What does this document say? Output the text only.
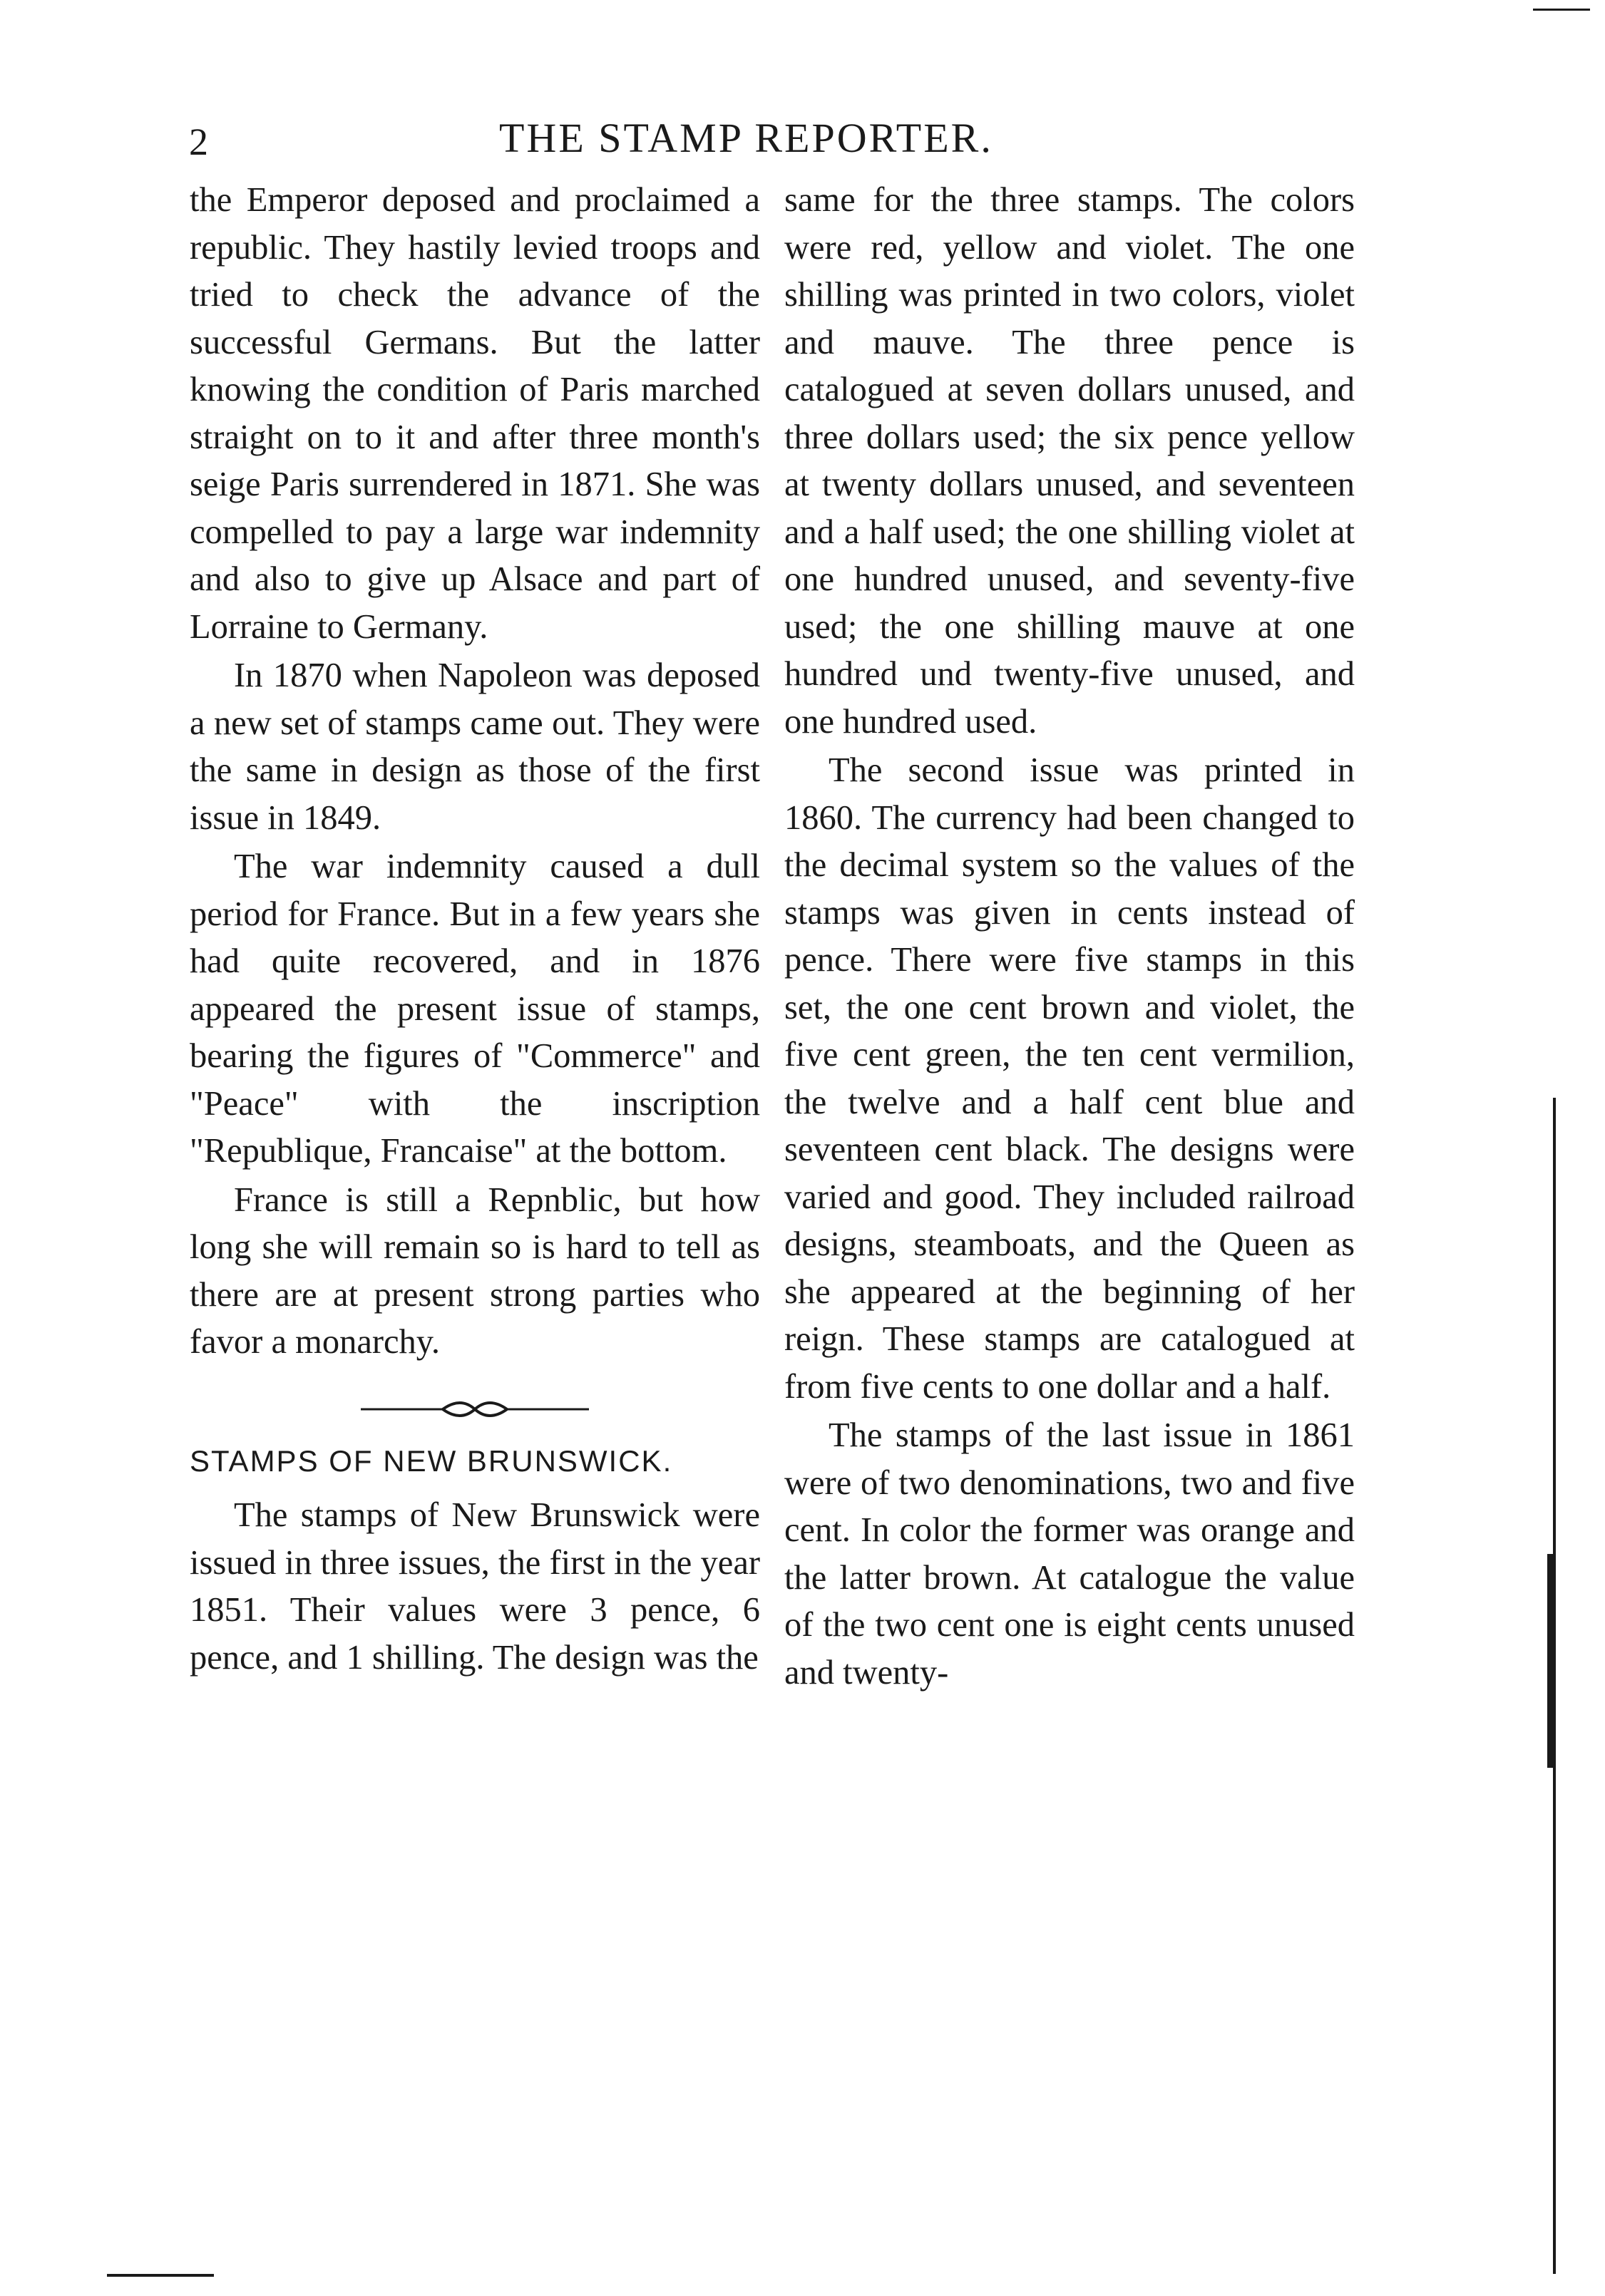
2	THE STAMP REPORTER.

the Emperor deposed and proclaimed a republic. They hastily levied troops and tried to check the advance of the successful Germans. But the latter knowing the condition of Paris marched straight on to it and after three month's seige Paris surrendered in 1871. She was compelled to pay a large war indemnity and also to give up Alsace and part of Lorraine to Germany.

In 1870 when Napoleon was deposed a new set of stamps came out. They were the same in design as those of the first issue in 1849.

The war indemnity caused a dull period for France. But in a few years she had quite recovered, and in 1876 appeared the present issue of stamps, bearing the figures of "Commerce" and "Peace" with the inscription "Republique, Francaise" at the bottom.

France is still a Repnblic, but how long she will remain so is hard to tell as there are at present strong parties who favor a monarchy.

STAMPS OF NEW BRUNSWICK.

The stamps of New Brunswick were issued in three issues, the first in the year 1851. Their values were 3 pence, 6 pence, and 1 shilling. The design was the

same for the three stamps. The colors were red, yellow and violet. The one shilling was printed in two colors, violet and mauve. The three pence is catalogued at seven dollars unused, and three dollars used; the six pence yellow at twenty dollars unused, and seventeen and a half used; the one shilling violet at one hundred unused, and seventy-five used; the one shilling mauve at one hundred und twenty-five unused, and one hundred used.

The second issue was printed in 1860. The currency had been changed to the decimal system so the values of the stamps was given in cents instead of pence. There were five stamps in this set, the one cent brown and violet, the five cent green, the ten cent vermilion, the twelve and a half cent blue and seventeen cent black. The designs were varied and good. They included railroad designs, steamboats, and the Queen as she appeared at the beginning of her reign. These stamps are catalogued at from five cents to one dollar and a half.

The stamps of the last issue in 1861 were of two denominations, two and five cent. In color the former was orange and the latter brown. At catalogue the value of the two cent one is eight cents unused and twenty-
